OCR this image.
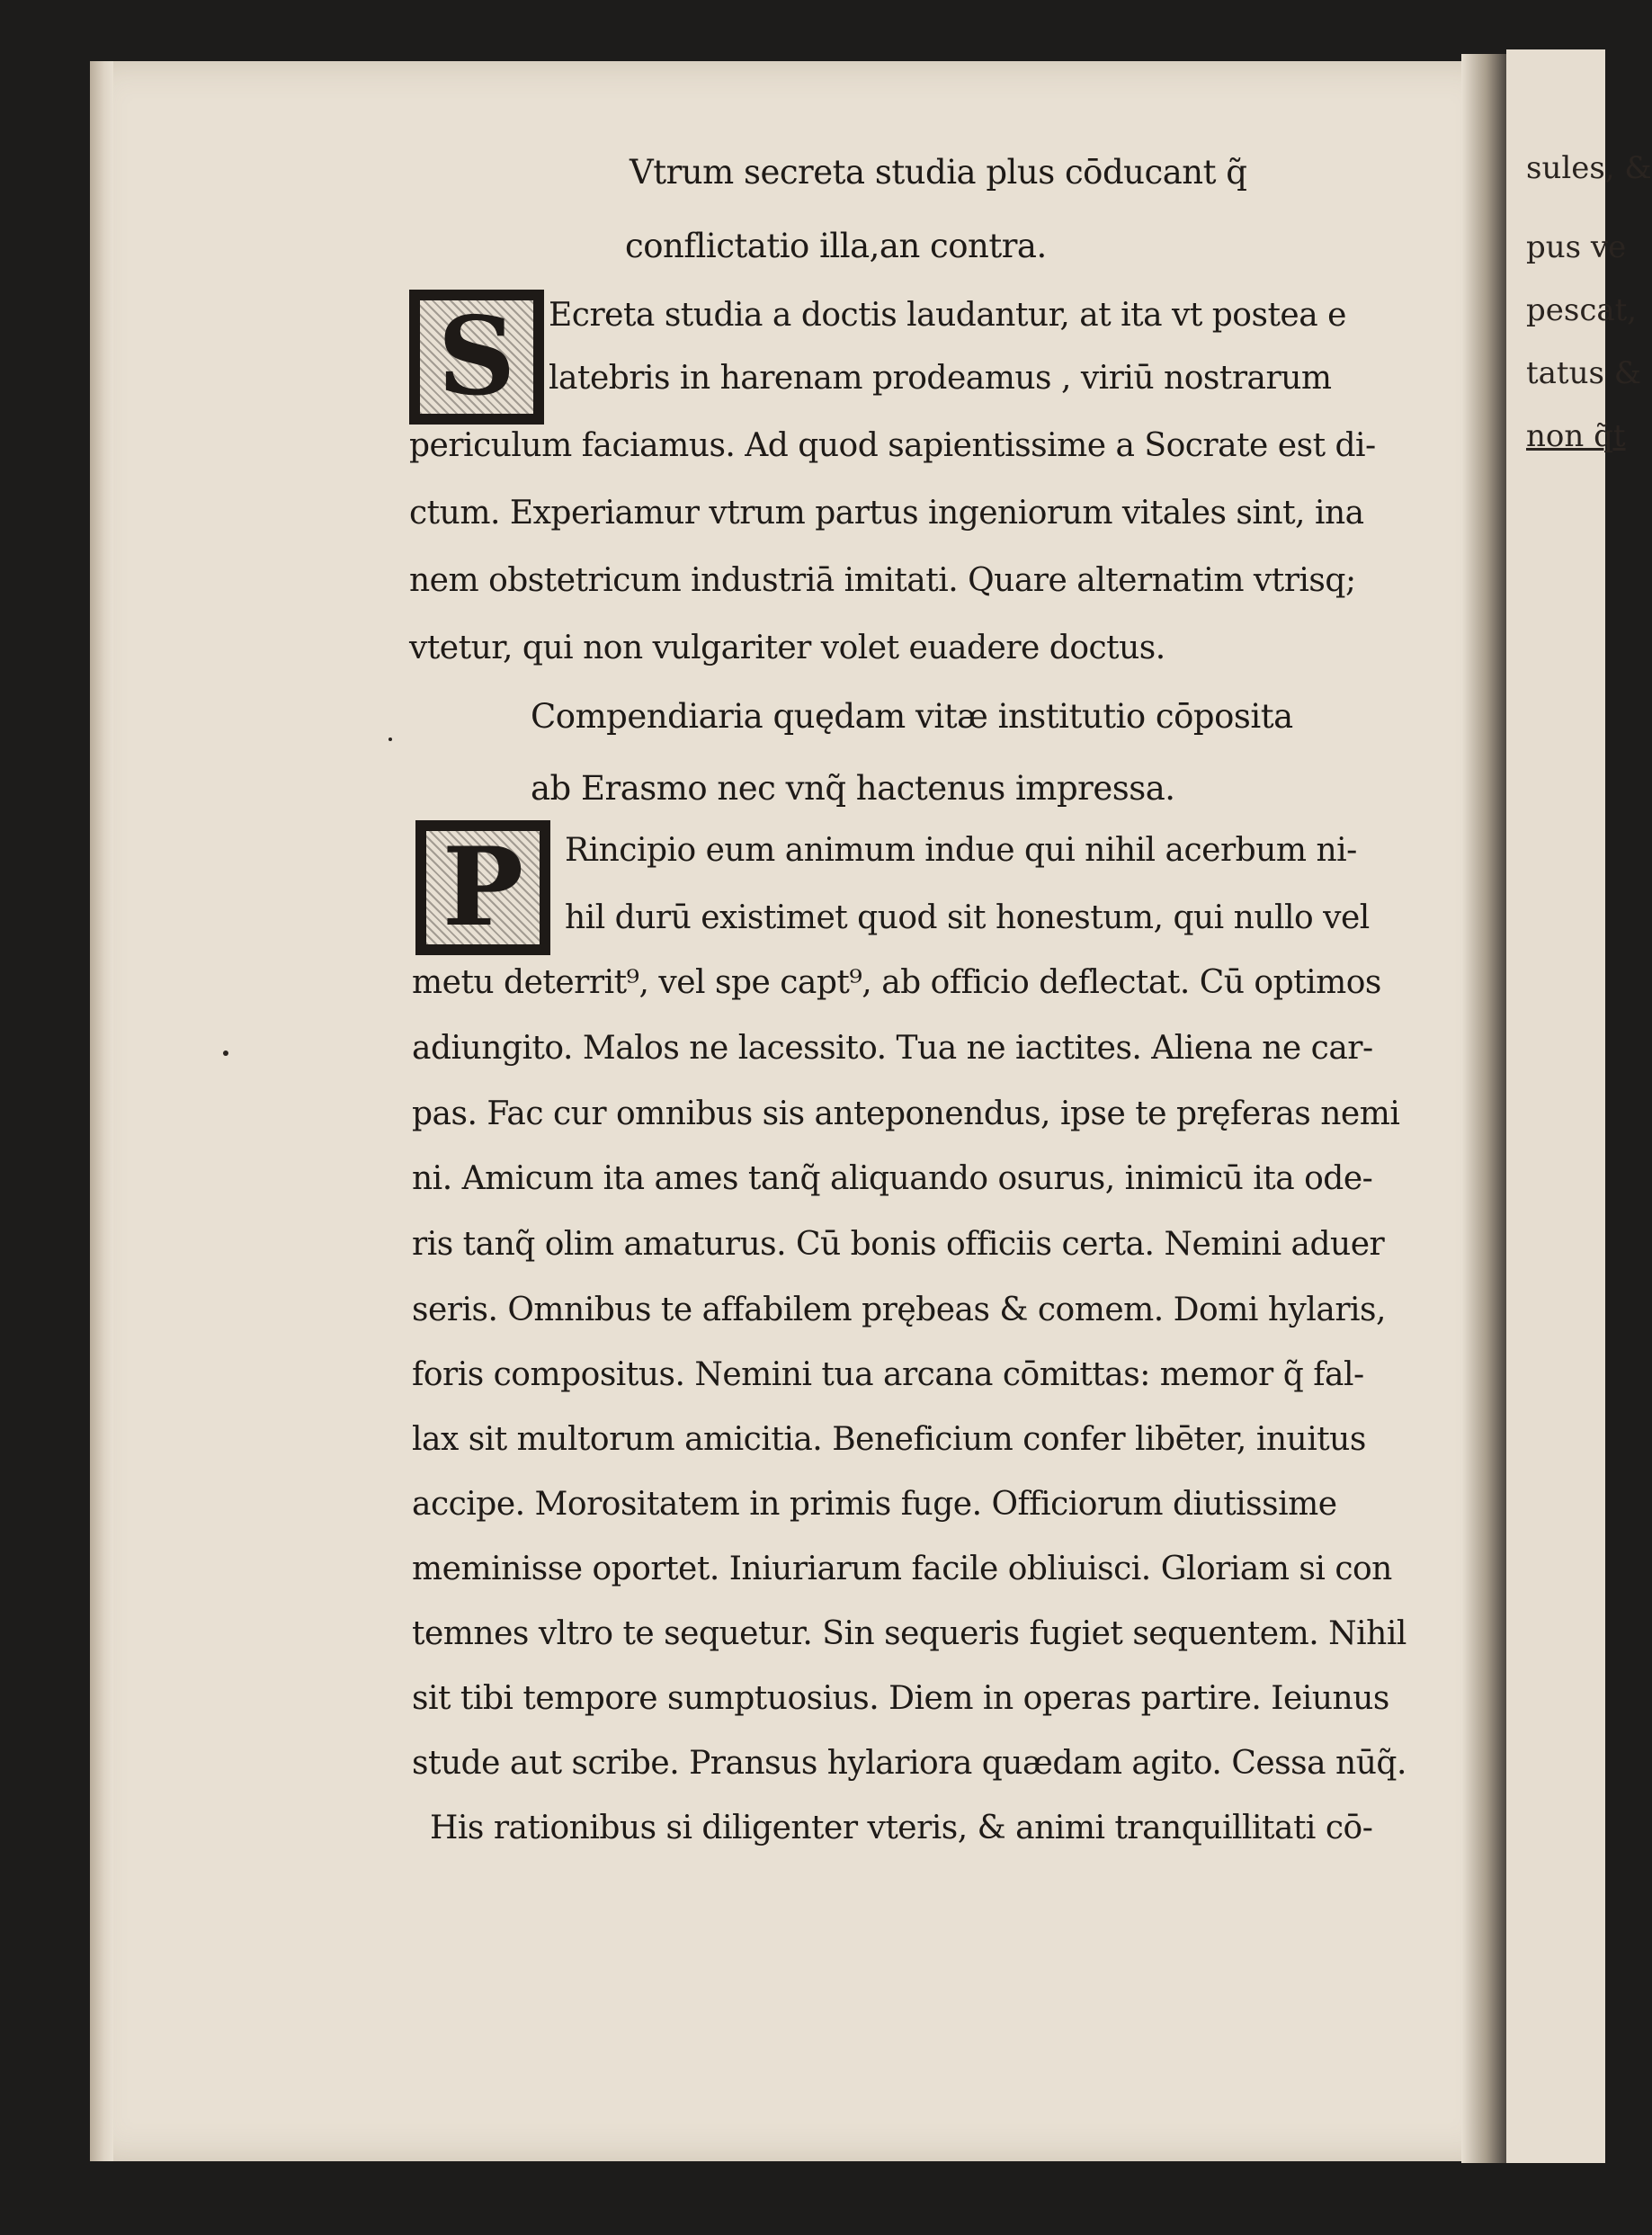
sules, &
pus ve
pescat,
tatus &
non q̃t
Vtrum secreta studia plus cōducant q̃
conflictatio illa,an contra.
S	Ecreta studia a doctis laudantur, at ita vt postea e
latebris in harenam prodeamus , viriū nostrarum
periculum faciamus. Ad quod sapientissime a Socrate est di-
ctum. Experiamur vtrum partus ingeniorum vitales sint, ina
nem obstetricum industriā imitati. Quare alternatim vtrisq;
vtetur, qui non vulgariter volet euadere doctus.
Compendiaria quędam vitæ institutio cōposita
ab Erasmo nec vnq̃ hactenus impressa.
P	Rincipio eum animum indue qui nihil acerbum ni-
hil durū existimet quod sit honestum, qui nullo vel
metu deterrit⁹, vel spe capt⁹, ab officio deflectat. Cū optimos
adiungito. Malos ne lacessito. Tua ne iactites. Aliena ne car-
pas. Fac cur omnibus sis anteponendus, ipse te pręferas nemi
ni. Amicum ita ames tanq̃ aliquando osurus, inimicū ita ode-
ris tanq̃ olim amaturus. Cū bonis officiis certa. Nemini aduer
seris. Omnibus te affabilem prębeas & comem. Domi hylaris,
foris compositus. Nemini tua arcana cōmittas: memor q̃ fal-
lax sit multorum amicitia. Beneficium confer libēter, inuitus
accipe. Morositatem in primis fuge. Officiorum diutissime
meminisse oportet. Iniuriarum facile obliuisci. Gloriam si con
temnes vltro te sequetur. Sin sequeris fugiet sequentem. Nihil
sit tibi tempore sumptuosius. Diem in operas partire. Ieiunus
stude aut scribe. Pransus hylariora quædam agito. Cessa nūq̃.
His rationibus si diligenter vteris, & animi tranquillitati cō-
